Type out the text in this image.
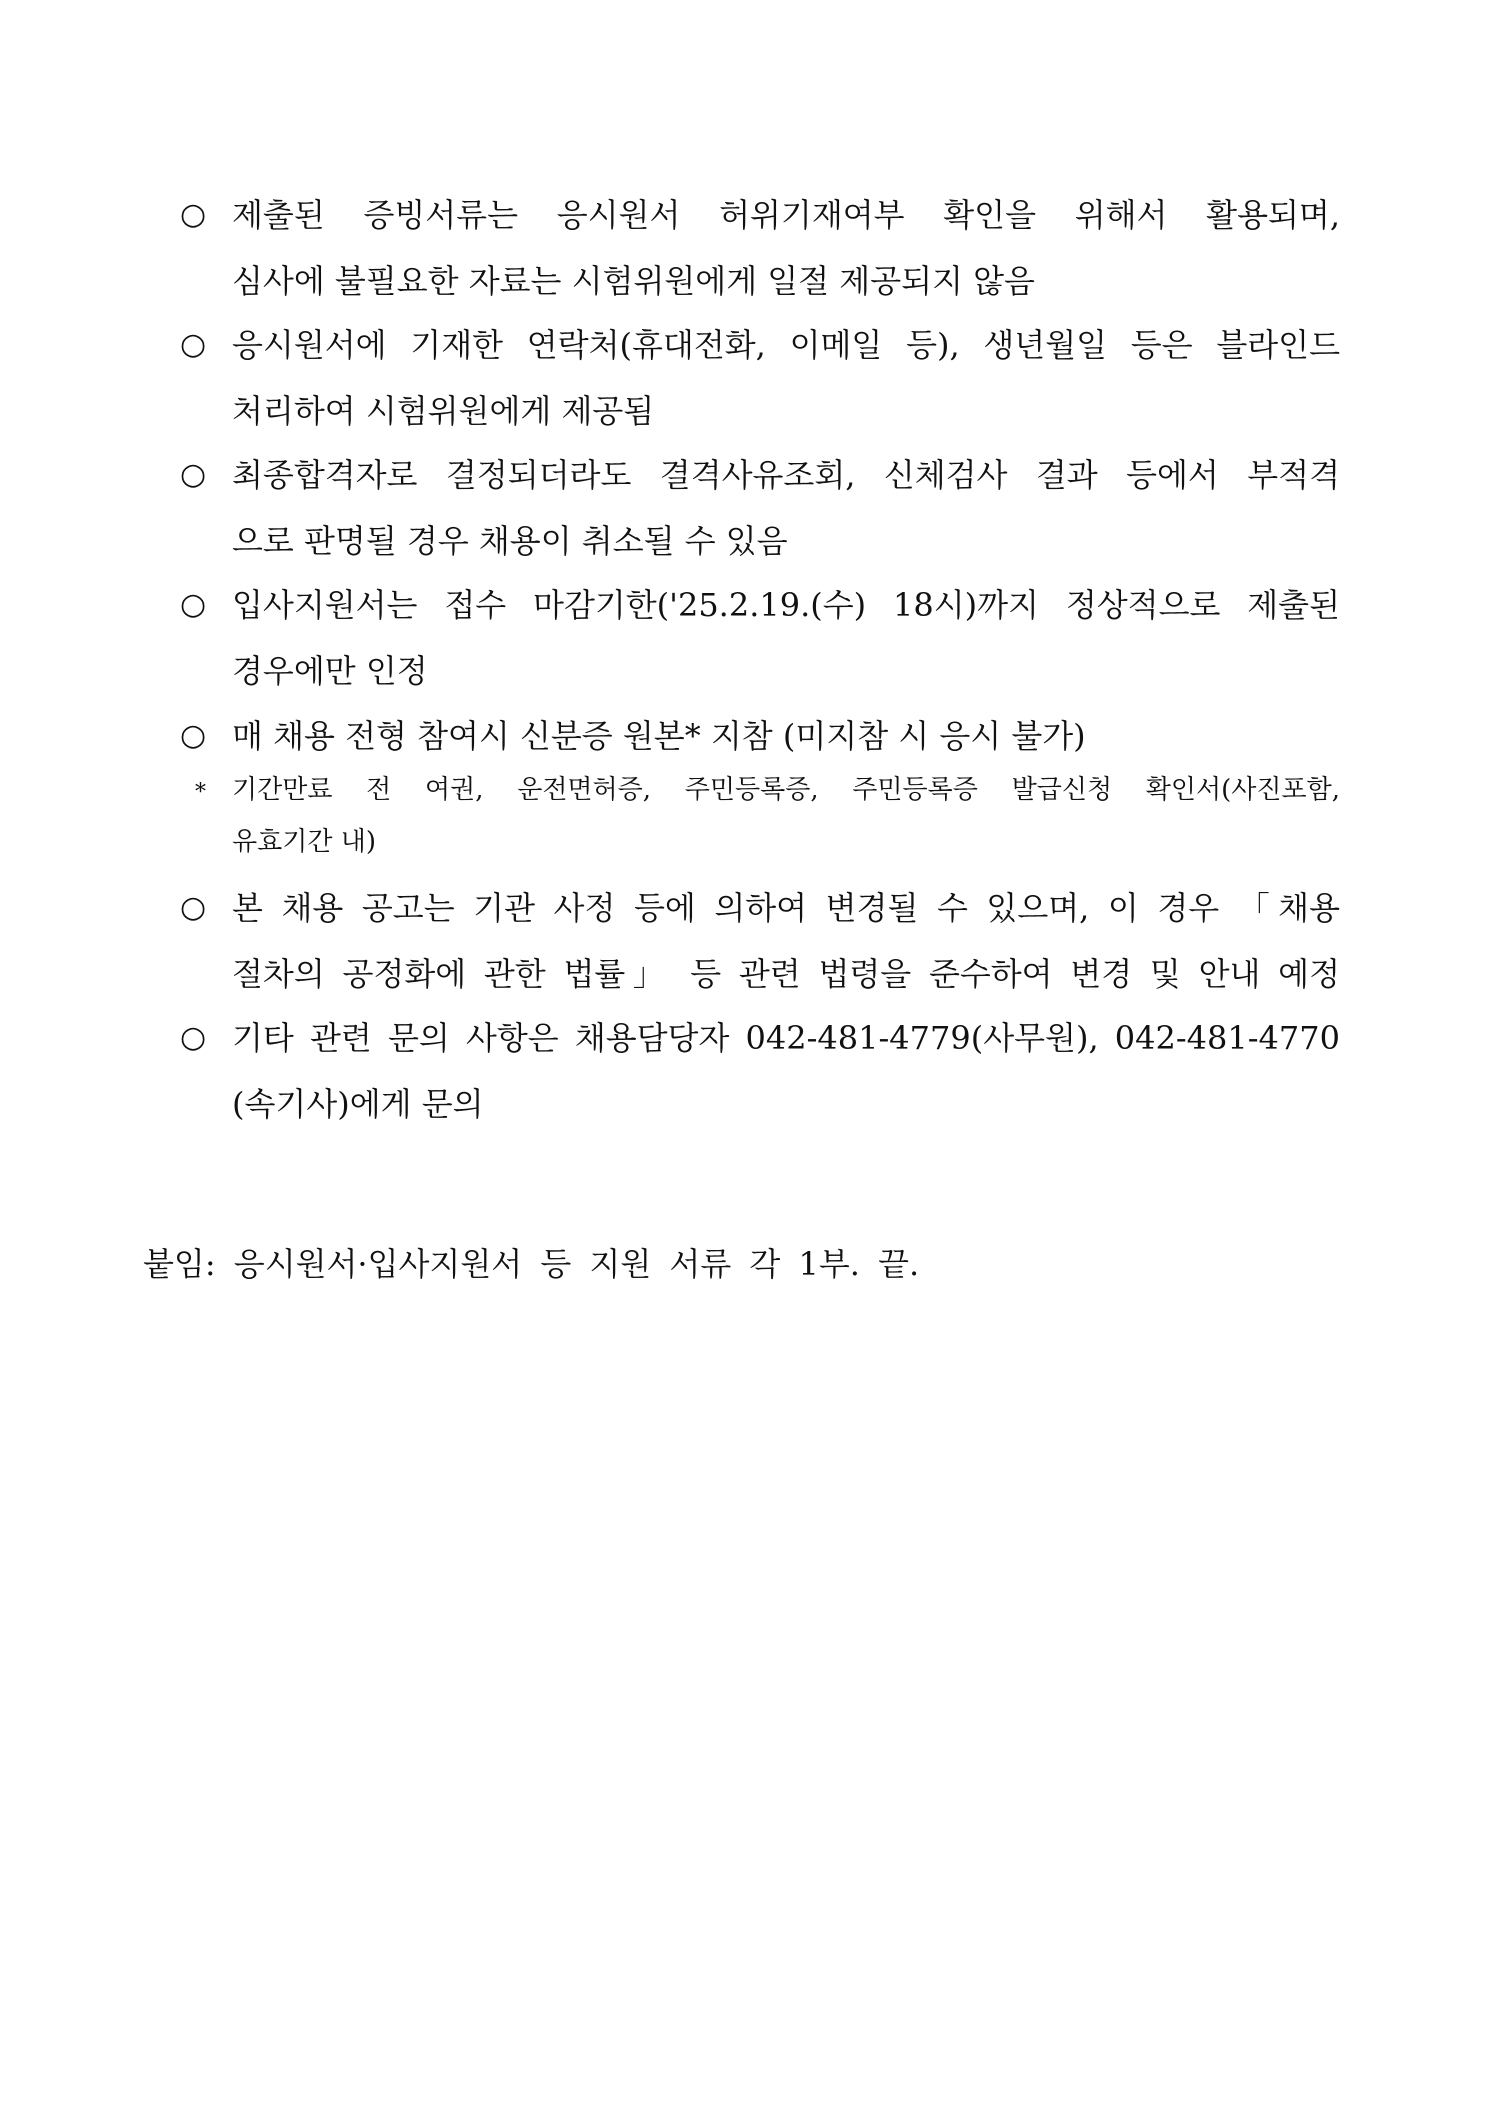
○ 제출된 증빙서류는 응시원서 허위기재여부 확인을 위해서 활용되며,
심사에 불필요한 자료는 시험위원에게 일절 제공되지 않음
○ 응시원서에 기재한 연락처(휴대전화, 이메일 등), 생년월일 등은 블라인드
처리하여 시험위원에게 제공됨
○ 최종합격자로 결정되더라도 결격사유조회, 신체검사 결과 등에서 부적격
으로 판명될 경우 채용이 취소될 수 있음
○ 입사지원서는 접수 마감기한('25.2.19.(수) 18시)까지 정상적으로 제출된
경우에만 인정
○ 매 채용 전형 참여시 신분증 원본* 지참 (미지참 시 응시 불가)
* 기간만료 전 여권, 운전면허증, 주민등록증, 주민등록증 발급신청 확인서(사진포함,
유효기간 내)
○ 본 채용 공고는 기관 사정 등에 의하여 변경될 수 있으며, 이 경우 「채용
절차의 공정화에 관한 법률」 등 관련 법령을 준수하여 변경 및 안내 예정
○ 기타 관련 문의 사항은 채용담당자 042-481-4779(사무원), 042-481-4770
(속기사)에게 문의
붙임: 응시원서·입사지원서 등 지원 서류 각 1부. 끝.
